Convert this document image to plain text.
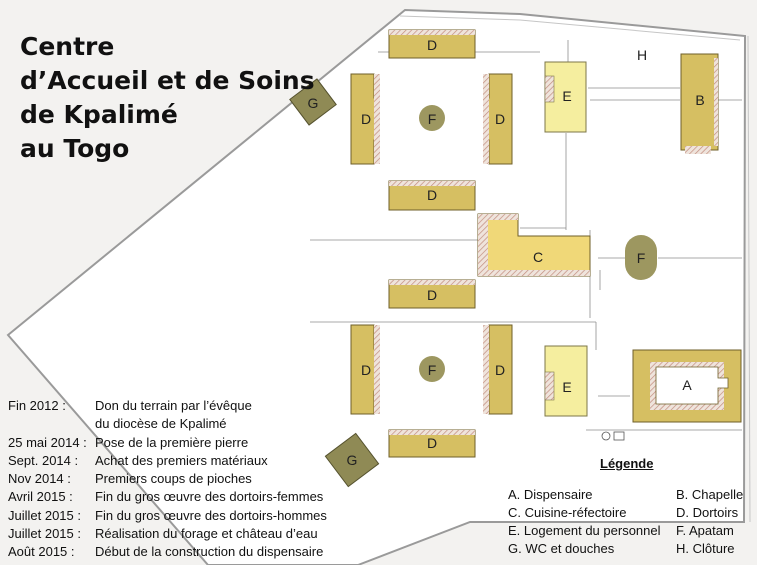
D
D	D
D
D
D	D
D
F
F
F
G
G
E
E
B
C
A
H
Centre
d’Accueil et de Soins
de Kpalimé
au Togo
Fin 2012 : Don du terrain par l’évêque
du diocèse de Kpalimé
25 mai 2014 : Pose de la première pierre
Sept. 2014 : Achat des premiers matériaux
Nov 2014 : Premiers coups de pioches
Avril 2015 : Fin du gros œuvre des dortoirs-femmes
Juillet 2015 : Fin du gros œuvre des dortoirs-hommes
Juillet 2015 : Réalisation du forage et château d’eau
Août 2015 : Début de la construction du dispensaire
Légende
A. Dispensaire	B. Chapelle
C. Cuisine-réfectoire	D. Dortoirs
E. Logement du personnel F. Apatam
G. WC et douches	H. Clôture
